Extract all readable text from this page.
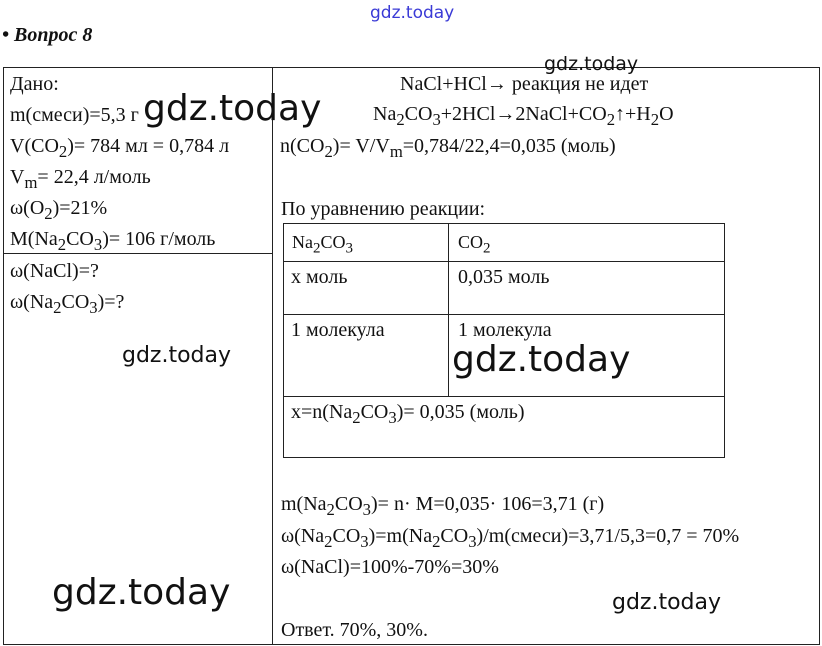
gdz.today
• Вопрос 8
Дано:
m(смеси)=5,3 г
$V(CO_2)= 784$ мл = 0,784 л
$V_m= 22,4$ л/моль
$\omega(O_2)=21\%$
$M(Na_2CO_3)= 106$ г/моль
ω(NaCl)=?
$\omega(Na_2CO_3)=$?
NaCl+HCl→ реакция не идет
$Na_2CO_3+2HCl\to 2NaCl+CO_2↑+H_2O$
$n(CO_2)= V/V_m=0,784/22,4=0,035$ (моль)
По уравнению реакции:
$Na_2CO_3$	$CO_2$
x моль	0,035 моль
1 молекула	1 молекула
$x=n(Na_2CO_3)= 0,035$ (моль)
$m(Na_2CO_3)= n\cdot M=0,035\cdot 106=3,71$ (г)
$\omega(Na_2CO_3)=m(Na_2CO_3)/m(смеси)=3,71/5,3=0,7 = 70\%$
ω(NaCl)=100%-70%=30%
Ответ. 70%, 30%.
gdz.today
gdz.today
gdz.today	gdz.today
gdz.today	gdz.today
